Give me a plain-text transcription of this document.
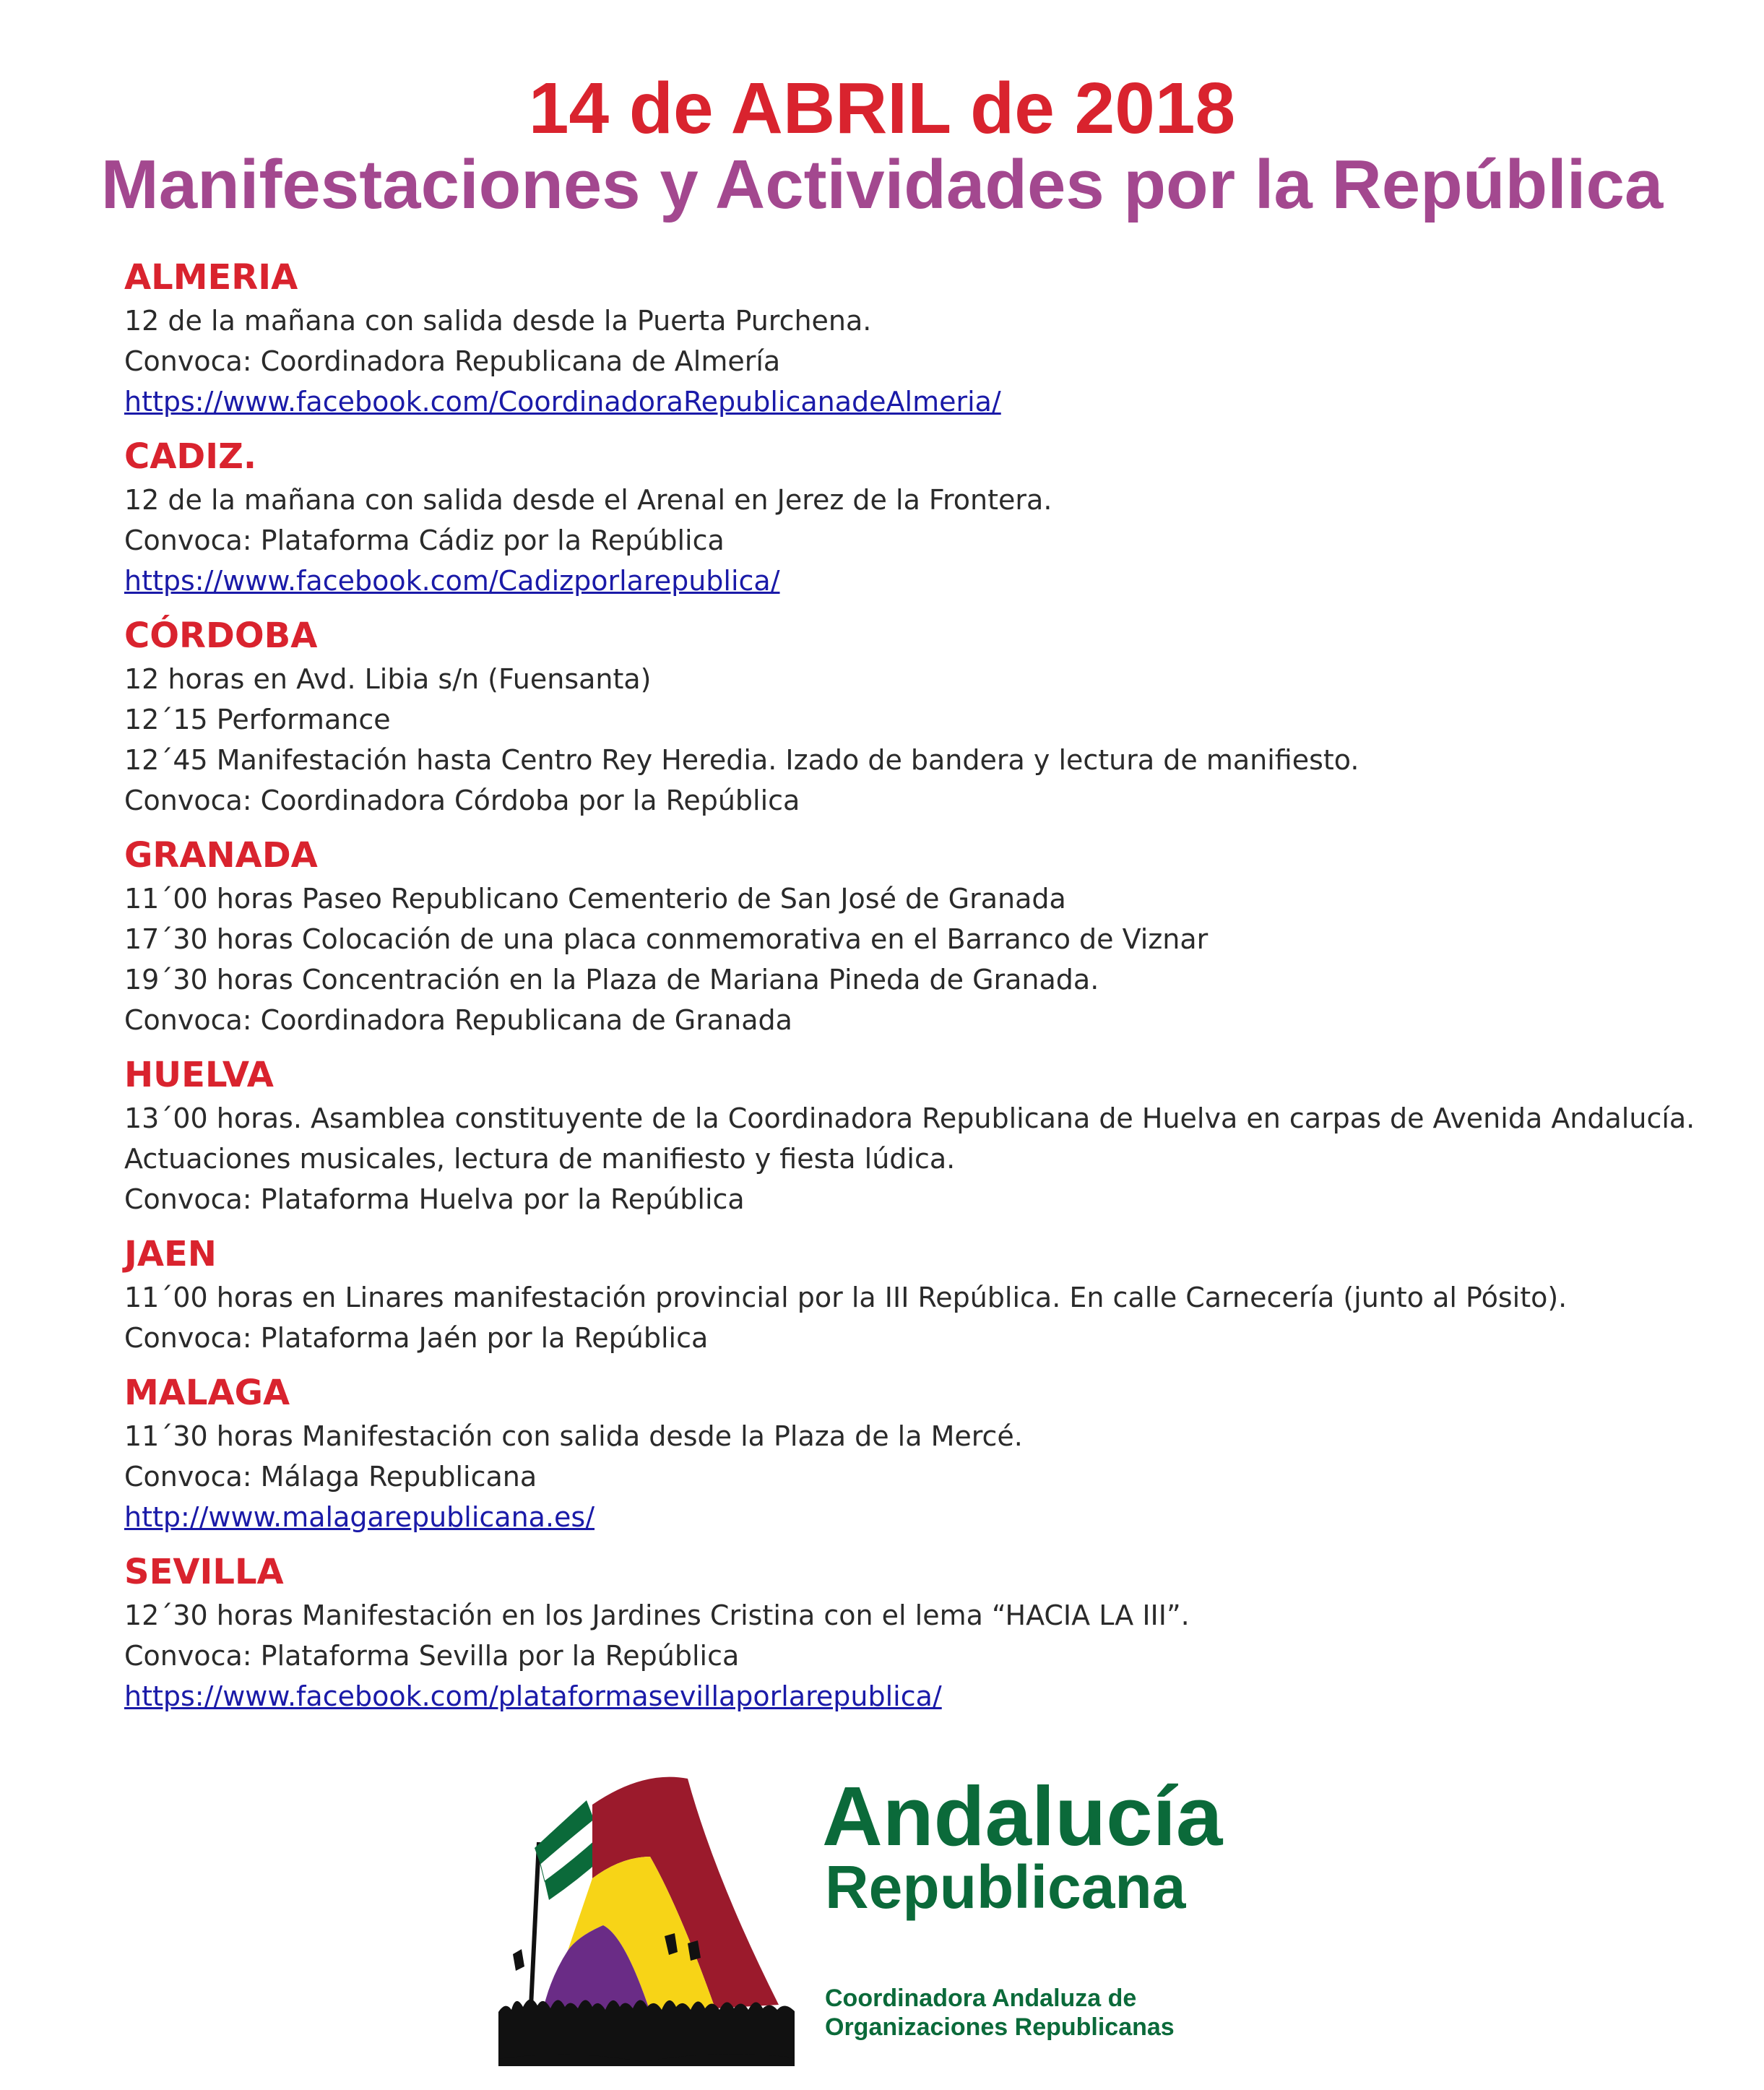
14 de ABRIL de 2018
Manifestaciones y Actividades por la República
ALMERIA
12 de la mañana con salida desde la Puerta Purchena.
Convoca: Coordinadora Republicana de Almería
https://www.facebook.com/CoordinadoraRepublicanadeAlmeria/
CADIZ.
12 de la mañana con salida desde el Arenal en Jerez de la Frontera.
Convoca: Plataforma Cádiz por la República
https://www.facebook.com/Cadizporlarepublica/
CÓRDOBA
12 horas en Avd. Libia s/n (Fuensanta)
12´15 Performance
12´45 Manifestación hasta Centro Rey Heredia. Izado de bandera y lectura de manifiesto.
Convoca: Coordinadora Córdoba por la República
GRANADA
11´00 horas Paseo Republicano Cementerio de San José de Granada
17´30 horas Colocación de una placa conmemorativa en el Barranco de Viznar
19´30 horas Concentración en la Plaza de Mariana Pineda de Granada.
Convoca: Coordinadora Republicana de Granada
HUELVA
13´00 horas. Asamblea constituyente de la Coordinadora Republicana de Huelva en carpas de Avenida Andalucía.
Actuaciones musicales, lectura de manifiesto y fiesta lúdica.
Convoca: Plataforma Huelva por la República
JAEN
11´00 horas en Linares manifestación provincial por la III República. En calle Carnecería (junto al Pósito).
Convoca: Plataforma Jaén por la República
MALAGA
11´30 horas Manifestación con salida desde la Plaza de la Mercé.
Convoca: Málaga Republicana
http://www.malagarepublicana.es/
SEVILLA
12´30 horas Manifestación en los Jardines Cristina con el lema “HACIA LA III”.
Convoca: Plataforma Sevilla por la República
https://www.facebook.com/plataformasevillaporlarepublica/
Andalucía
Republicana
Coordinadora Andaluza de
Organizaciones Republicanas
